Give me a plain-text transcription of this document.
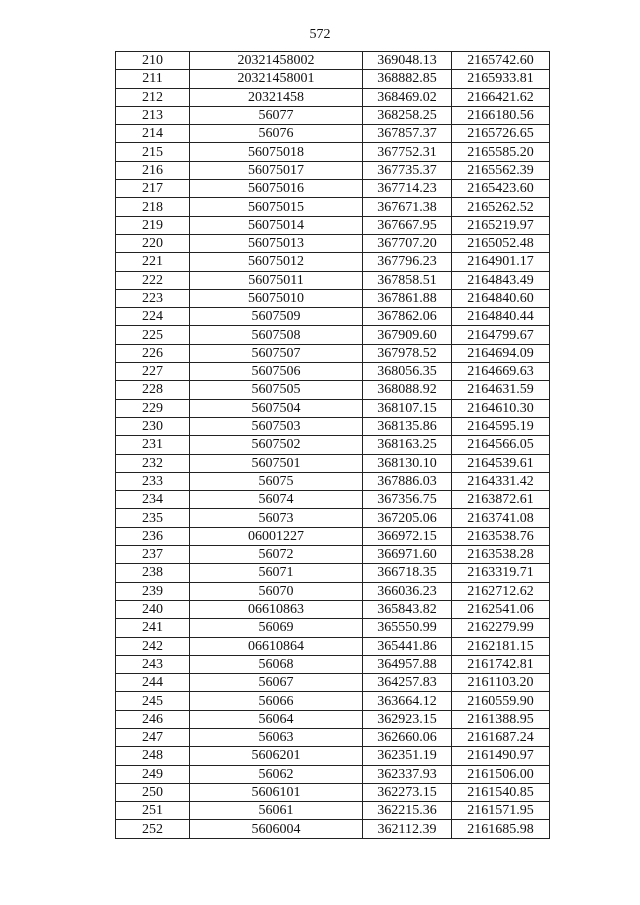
572
210	20321458002	369048.13	2165742.60
211	20321458001	368882.85	2165933.81
212	20321458	368469.02	2166421.62
213	56077	368258.25	2166180.56
214	56076	367857.37	2165726.65
215	56075018	367752.31	2165585.20
216	56075017	367735.37	2165562.39
217	56075016	367714.23	2165423.60
218	56075015	367671.38	2165262.52
219	56075014	367667.95	2165219.97
220	56075013	367707.20	2165052.48
221	56075012	367796.23	2164901.17
222	56075011	367858.51	2164843.49
223	56075010	367861.88	2164840.60
224	5607509	367862.06	2164840.44
225	5607508	367909.60	2164799.67
226	5607507	367978.52	2164694.09
227	5607506	368056.35	2164669.63
228	5607505	368088.92	2164631.59
229	5607504	368107.15	2164610.30
230	5607503	368135.86	2164595.19
231	5607502	368163.25	2164566.05
232	5607501	368130.10	2164539.61
233	56075	367886.03	2164331.42
234	56074	367356.75	2163872.61
235	56073	367205.06	2163741.08
236	06001227	366972.15	2163538.76
237	56072	366971.60	2163538.28
238	56071	366718.35	2163319.71
239	56070	366036.23	2162712.62
240	06610863	365843.82	2162541.06
241	56069	365550.99	2162279.99
242	06610864	365441.86	2162181.15
243	56068	364957.88	2161742.81
244	56067	364257.83	2161103.20
245	56066	363664.12	2160559.90
246	56064	362923.15	2161388.95
247	56063	362660.06	2161687.24
248	5606201	362351.19	2161490.97
249	56062	362337.93	2161506.00
250	5606101	362273.15	2161540.85
251	56061	362215.36	2161571.95
252	5606004	362112.39	2161685.98
